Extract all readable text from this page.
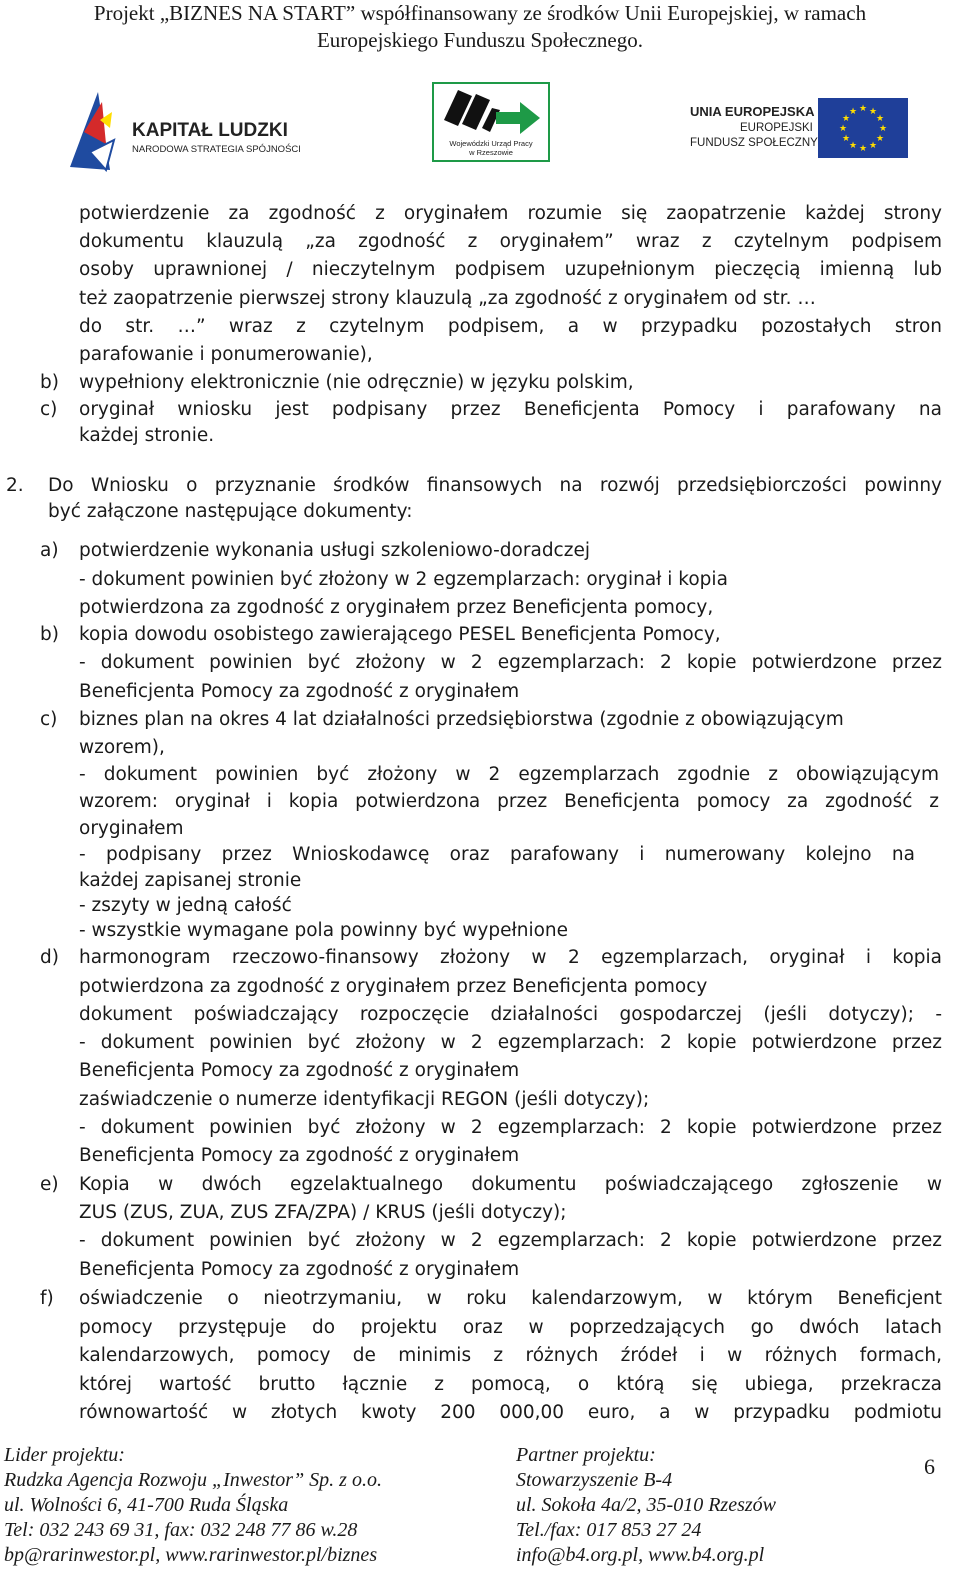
Projekt „BIZNES NA START” współfinansowany ze środków Unii Europejskiej, w ramach
Europejskiego Funduszu Społecznego.
KAPITAŁ LUDZKI
NARODOWA STRATEGIA SPÓJNOŚCI
Wojewódzki Urząd Pracy
w Rzeszowie
UNIA EUROPEJSKA
EUROPEJSKI
FUNDUSZ SPOŁECZNY
★ ★
★
★
★
★
★
★
★
★
★
★
potwierdzenie za zgodność z oryginałem rozumie się zaopatrzenie każdej strony
dokumentu klauzulą „za zgodność z oryginałem” wraz z czytelnym podpisem
osoby uprawnionej / nieczytelnym podpisem uzupełnionym pieczęcią imienną lub
też zaopatrzenie pierwszej strony klauzulą „za zgodność z oryginałem od str. …
do str. …” wraz z czytelnym podpisem, a w przypadku pozostałych stron
parafowanie i ponumerowanie),
b) wypełniony elektronicznie (nie odręcznie) w języku polskim,
c) oryginał wniosku jest podpisany przez Beneficjenta Pomocy i parafowany na
każdej stronie.
2. Do Wniosku o przyznanie środków finansowych na rozwój przedsiębiorczości powinny
być załączone następujące dokumenty:
a) potwierdzenie wykonania usługi szkoleniowo-doradczej
- dokument powinien być złożony w 2 egzemplarzach: oryginał i kopia
potwierdzona za zgodność z oryginałem przez Beneficjenta pomocy,
b) kopia dowodu osobistego zawierającego PESEL Beneficjenta Pomocy,
- dokument powinien być złożony w 2 egzemplarzach: 2 kopie potwierdzone przez
Beneficjenta Pomocy za zgodność z oryginałem
c) biznes plan na okres 4 lat działalności przedsiębiorstwa (zgodnie z obowiązującym
wzorem),
- dokument powinien być złożony w 2 egzemplarzach zgodnie z obowiązującym
wzorem: oryginał i kopia potwierdzona przez Beneficjenta pomocy za zgodność z
oryginałem
- podpisany przez Wnioskodawcę oraz parafowany i numerowany kolejno na
każdej zapisanej stronie
- zszyty w jedną całość
- wszystkie wymagane pola powinny być wypełnione
d) harmonogram rzeczowo-finansowy złożony w 2 egzemplarzach, oryginał i kopia
potwierdzona za zgodność z oryginałem przez Beneficjenta pomocy
dokument poświadczający rozpoczęcie działalności gospodarczej (jeśli dotyczy); -
- dokument powinien być złożony w 2 egzemplarzach: 2 kopie potwierdzone przez
Beneficjenta Pomocy za zgodność z oryginałem
zaświadczenie o numerze identyfikacji REGON (jeśli dotyczy);
- dokument powinien być złożony w 2 egzemplarzach: 2 kopie potwierdzone przez
Beneficjenta Pomocy za zgodność z oryginałem
e) Kopia w dwóch egzelaktualnego dokumentu poświadczającego zgłoszenie w
ZUS (ZUS, ZUA, ZUS ZFA/ZPA) / KRUS (jeśli dotyczy);
- dokument powinien być złożony w 2 egzemplarzach: 2 kopie potwierdzone przez
Beneficjenta Pomocy za zgodność z oryginałem
f) oświadczenie o nieotrzymaniu, w roku kalendarzowym, w którym Beneficjent
pomocy przystępuje do projektu oraz w poprzedzających go dwóch latach
kalendarzowych, pomocy de minimis z różnych źródeł i w różnych formach,
której wartość brutto łącznie z pomocą, o którą się ubiega, przekracza
równowartość w złotych kwoty 200 000,00 euro, a w przypadku podmiotu
Lider projektu:
Rudzka Agencja Rozwoju „Inwestor” Sp. z o.o.
ul. Wolności 6, 41-700 Ruda Śląska
Tel: 032 243 69 31, fax: 032 248 77 86 w.28
bp@rarinwestor.pl, www.rarinwestor.pl/biznes
Partner projektu:
Stowarzyszenie B-4
ul. Sokoła 4a/2, 35-010 Rzeszów
Tel./fax: 017 853 27 24
info@b4.org.pl, www.b4.org.pl
6
